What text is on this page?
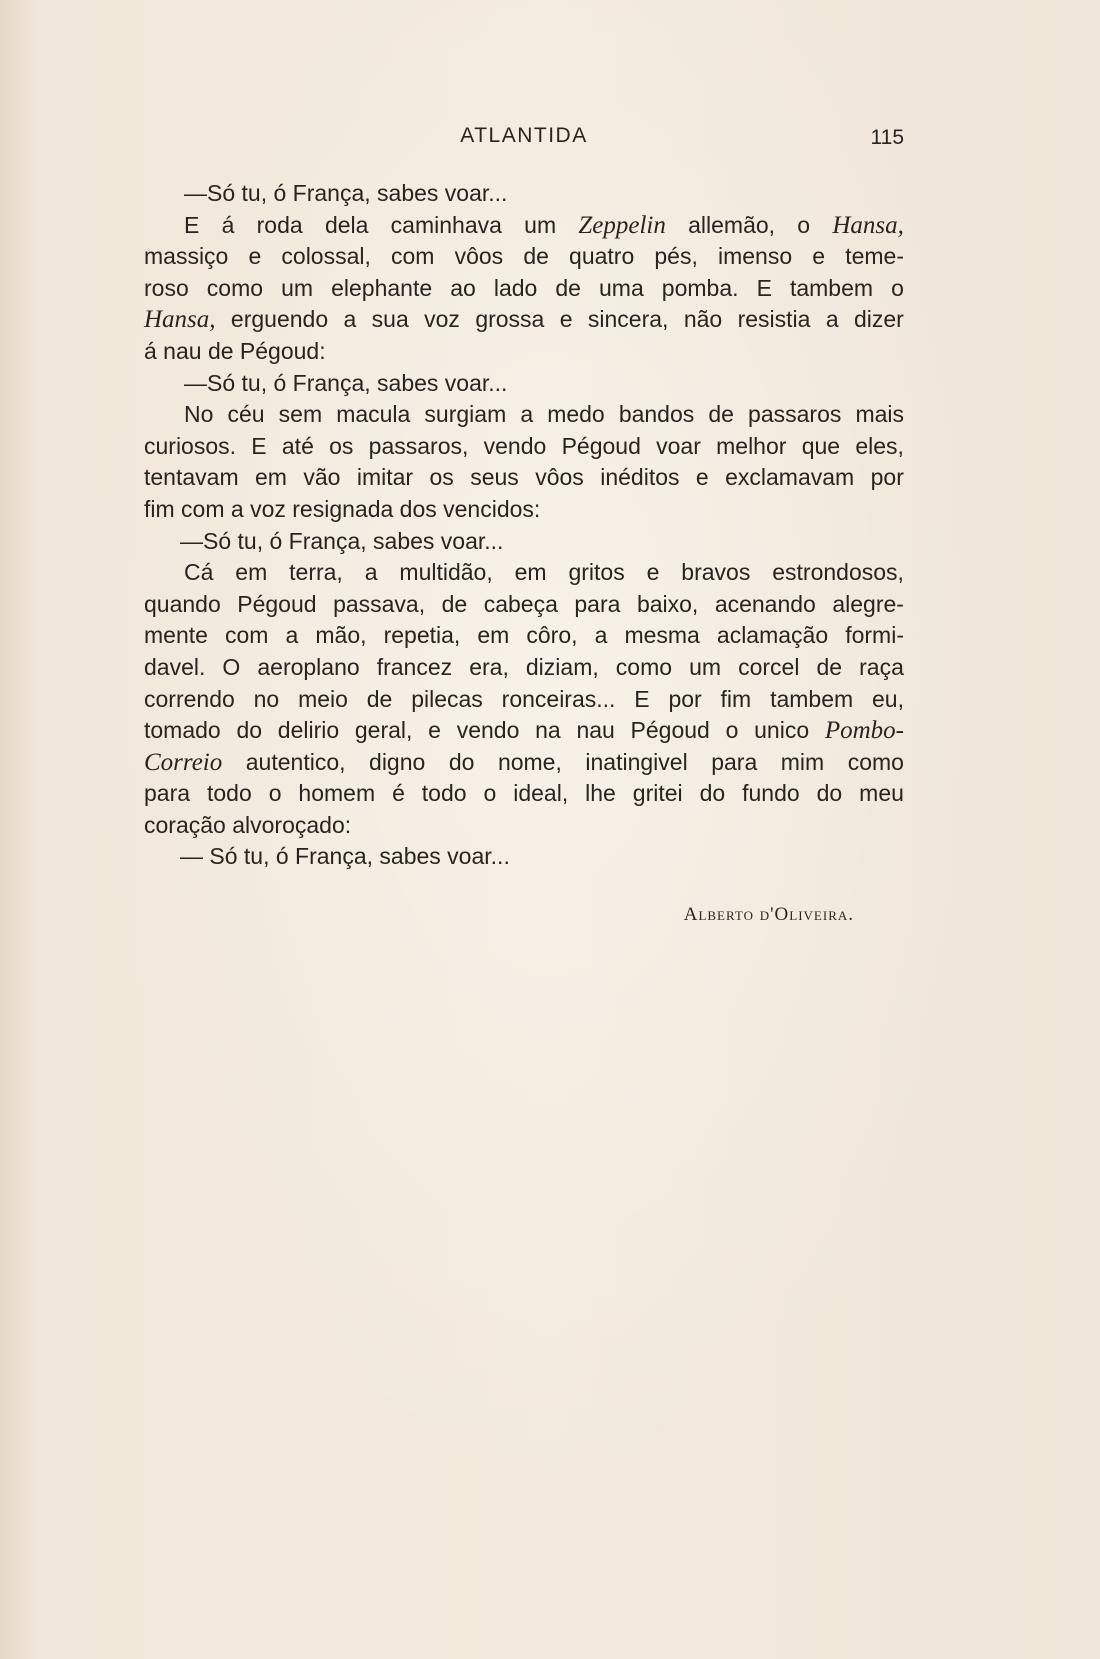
ATLANTIDA	115
—Só tu, ó França, sabes voar...
E á roda dela caminhava um Zeppelin allemão, o Hansa,
massiço e colossal, com vôos de quatro pés, imenso e teme-
roso como um elephante ao lado de uma pomba. E tambem o
Hansa, erguendo a sua voz grossa e sincera, não resistia a dizer
á nau de Pégoud:
—Só tu, ó França, sabes voar...
No céu sem macula surgiam a medo bandos de passaros mais
curiosos. E até os passaros, vendo Pégoud voar melhor que eles,
tentavam em vão imitar os seus vôos inéditos e exclamavam por
fim com a voz resignada dos vencidos:
—Só tu, ó França, sabes voar...
Cá em terra, a multidão, em gritos e bravos estrondosos,
quando Pégoud passava, de cabeça para baixo, acenando alegre-
mente com a mão, repetia, em côro, a mesma aclamação formi-
davel. O aeroplano francez era, diziam, como um corcel de raça
correndo no meio de pilecas ronceiras... E por fim tambem eu,
tomado do delirio geral, e vendo na nau Pégoud o unico Pombo-
Correio autentico, digno do nome, inatingivel para mim como
para todo o homem é todo o ideal, lhe gritei do fundo do meu
coração alvoroçado:
— Só tu, ó França, sabes voar...
Alberto d'Oliveira.
